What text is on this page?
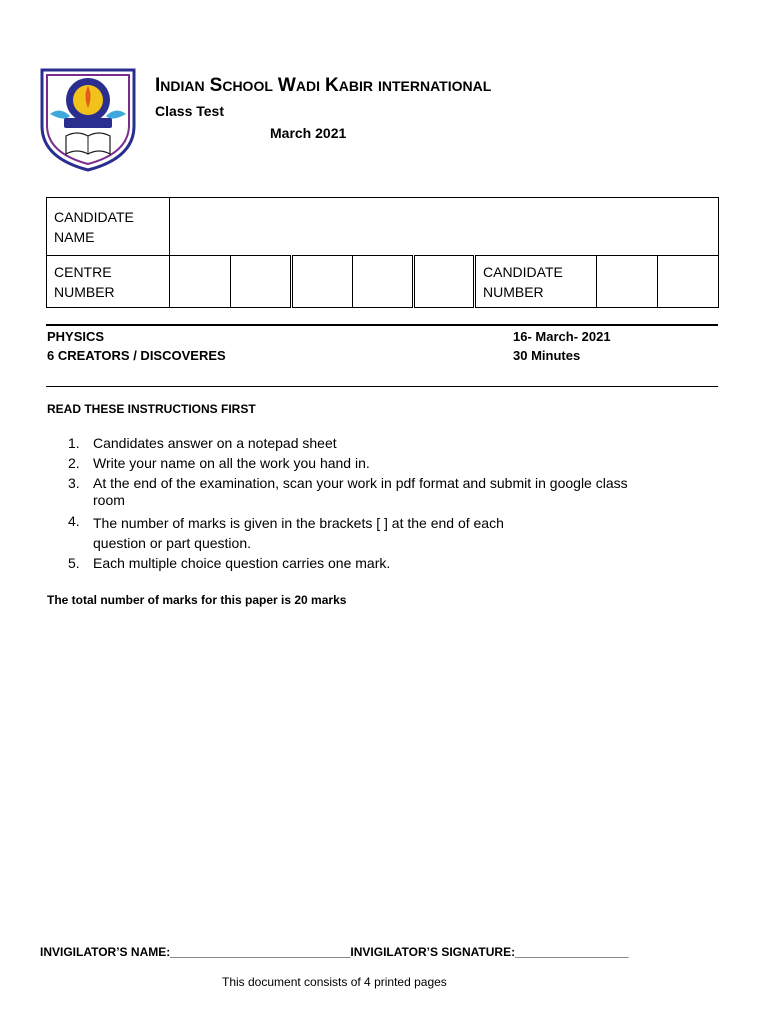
INDIAN SCHOOL WADI KABIR INTERNATIONAL
Class Test
March 2021
CANDIDATE NAME								
CENTRE NUMBER						CANDIDATE NUMBER		
PHYSICS
6 CREATORS / DISCOVERES
16- March- 2021
30 Minutes
READ THESE INSTRUCTIONS FIRST
1. Candidates answer on a notepad sheet
2. Write your name on all the work you hand in.
3. At the end of the examination, scan your work in pdf format and submit in google class room
4. The number of marks is given in the brackets [ ] at the end of each question or part question.
5. Each multiple choice question carries one mark.
The total number of marks for this paper is 20 marks
INVIGILATOR’S NAME:___________________________INVIGILATOR’S SIGNATURE:_________________
This document consists of 4 printed pages
